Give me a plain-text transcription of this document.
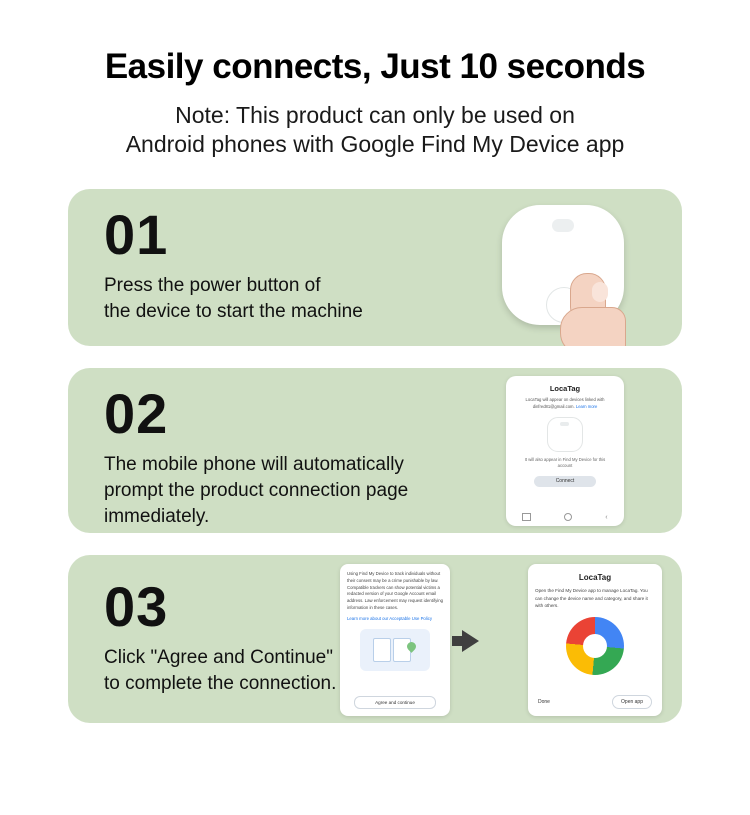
Easily connects, Just 10 seconds
Note: This product can only be used on
Android phones with Google Find My Device app
01
Press the power button of
the device to start the machine
02
The mobile phone will automatically
prompt the product connection page
immediately.
LocaTag
LocaTag will appear on devices linked with dinfred81@gmail.com. Learn more
It will also appear in Find My Device for this account
Connect
‹
03
Click "Agree and Continue"
to complete the connection.
Using Find My Device to track individuals without their consent may be a crime punishable by law. Compatible trackers can show potential victims a redacted version of your Google Account email address. Law enforcement may request identifying information in these cases.
Learn more about our Acceptable Use Policy
Agree and continue
LocaTag
Open the Find My Device app to manage LocaTag. You can change the device name and category, and share it with others.
Done	Open app
